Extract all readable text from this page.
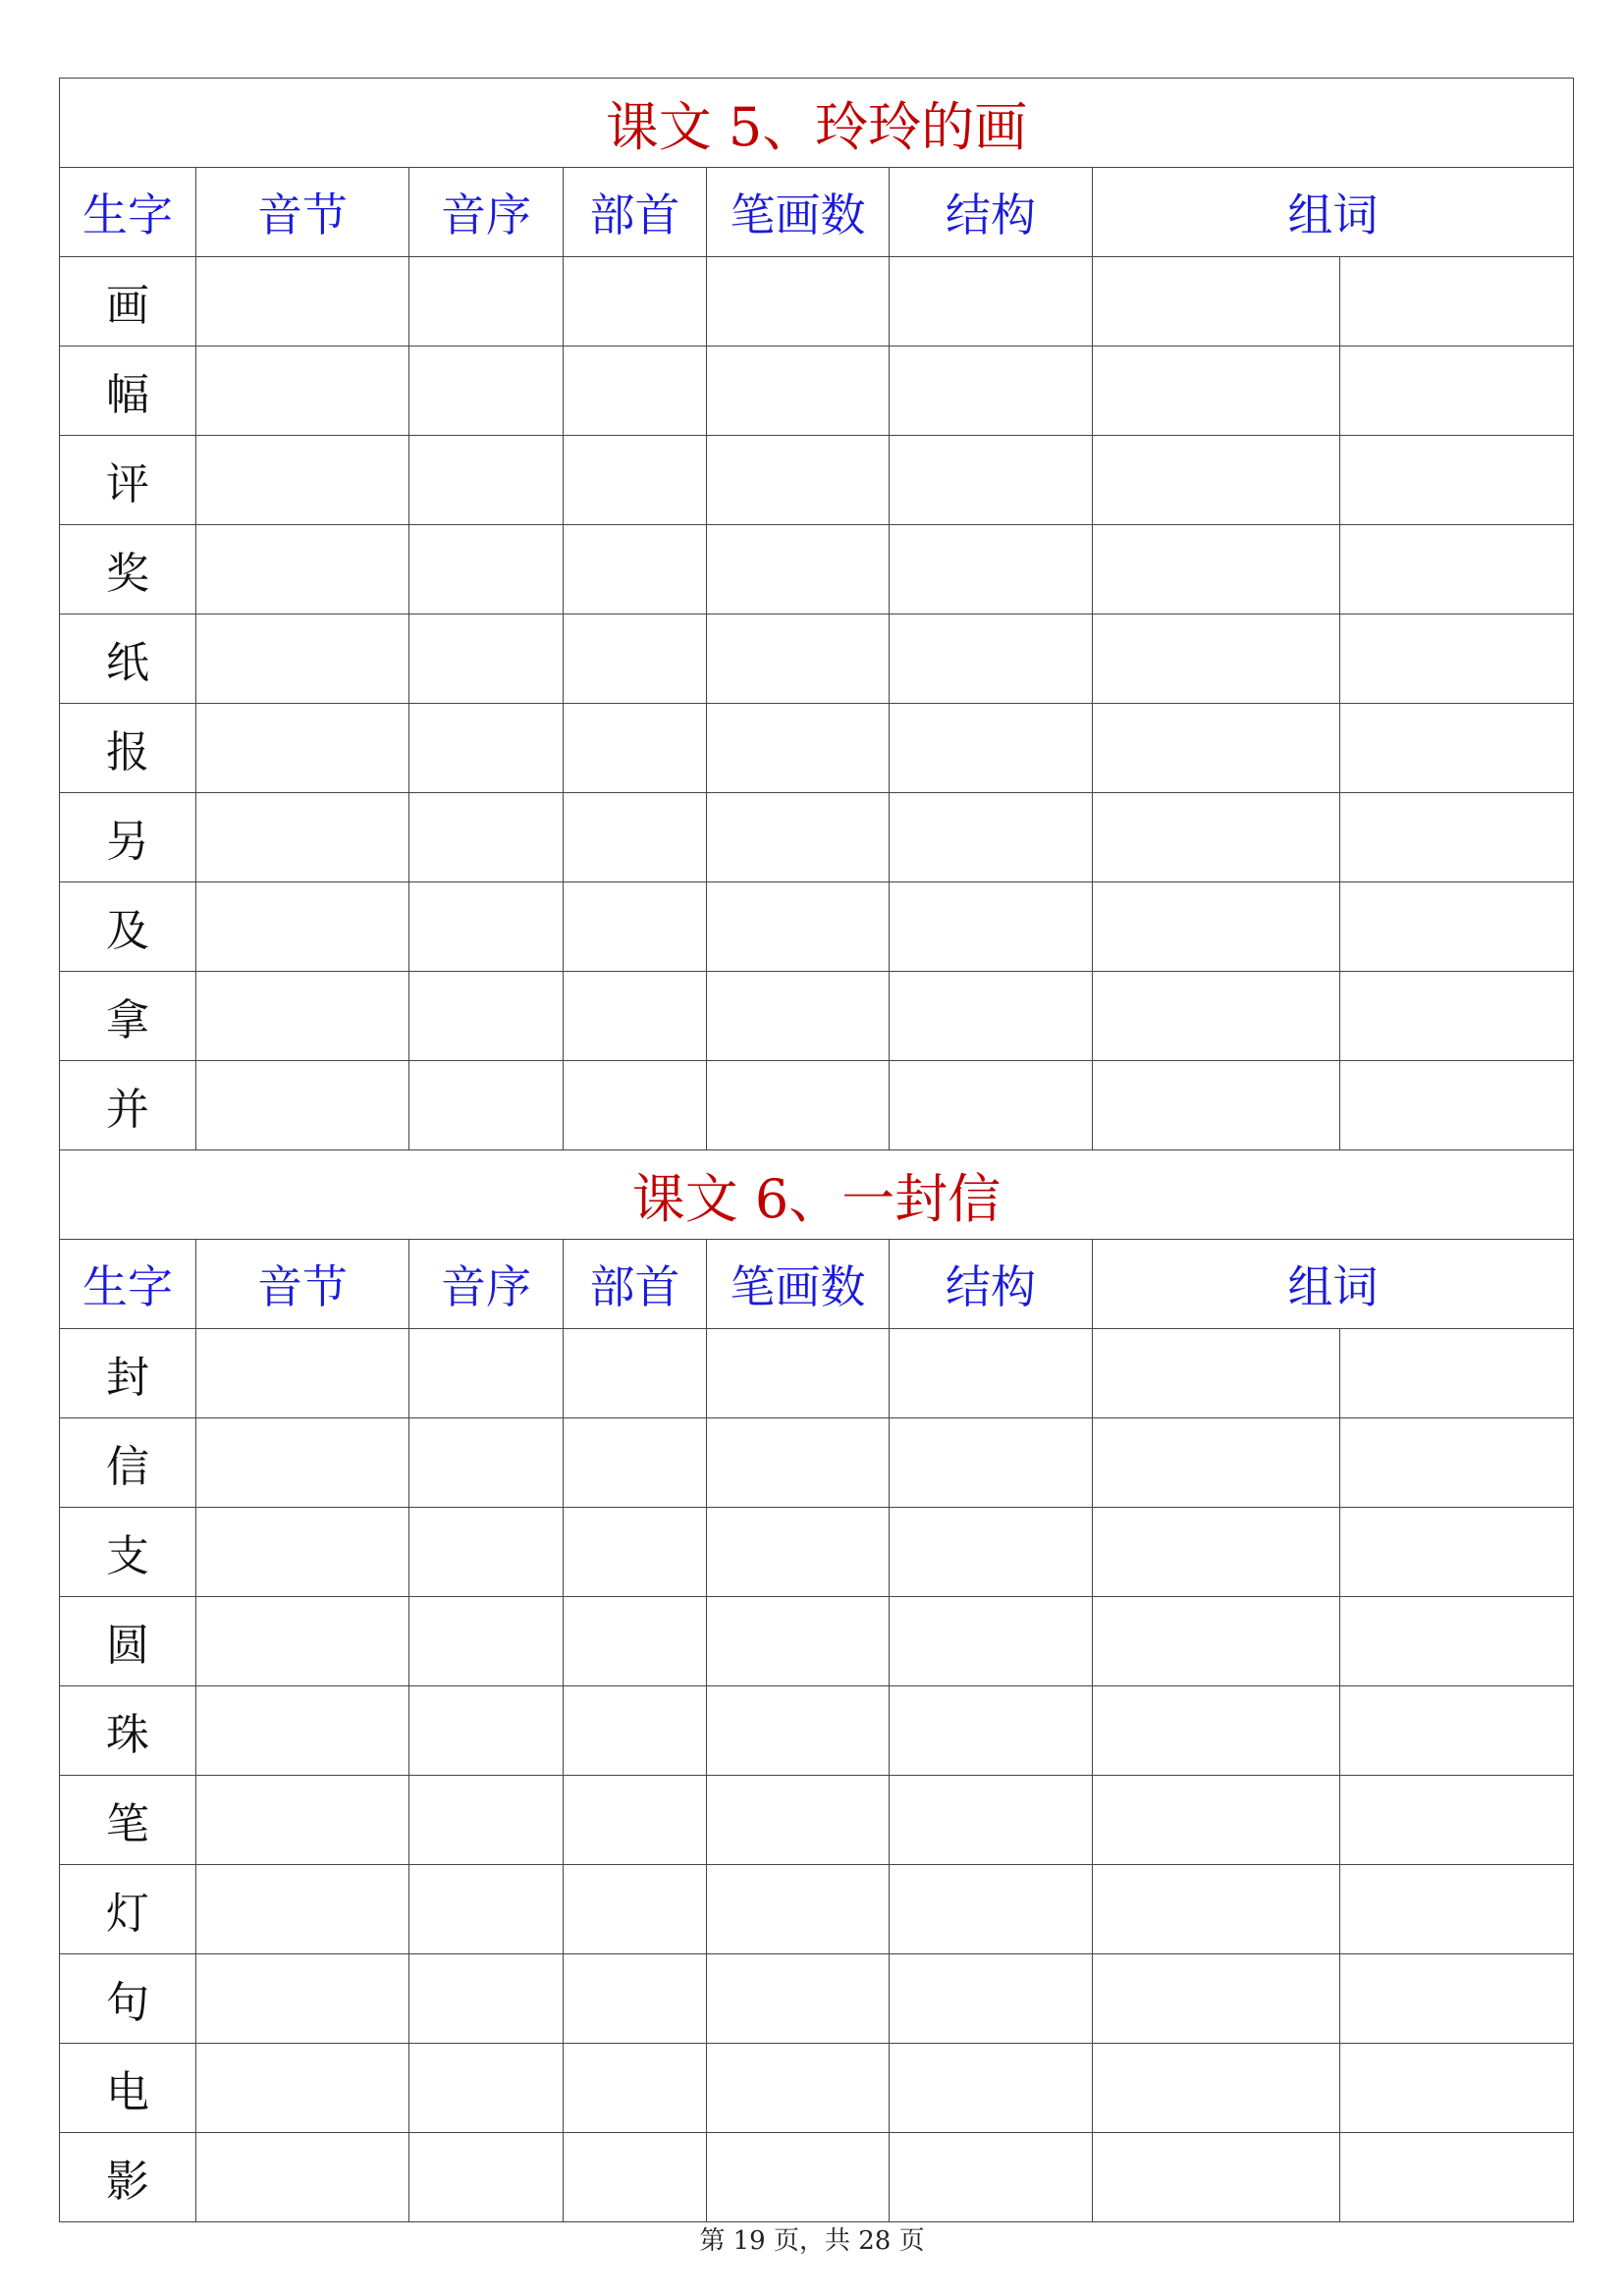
课文 5、玲玲的画							
生字	音节	音序	部首	笔画数	结构	组词	
画							
幅							
评							
奖							
纸							
报							
另							
及							
拿							
并							
课文 6、一封信							
生字	音节	音序	部首	笔画数	结构	组词	
封							
信							
支							
圆							
珠							
笔							
灯							
句							
电							
影							
第 19 页，共 28 页
